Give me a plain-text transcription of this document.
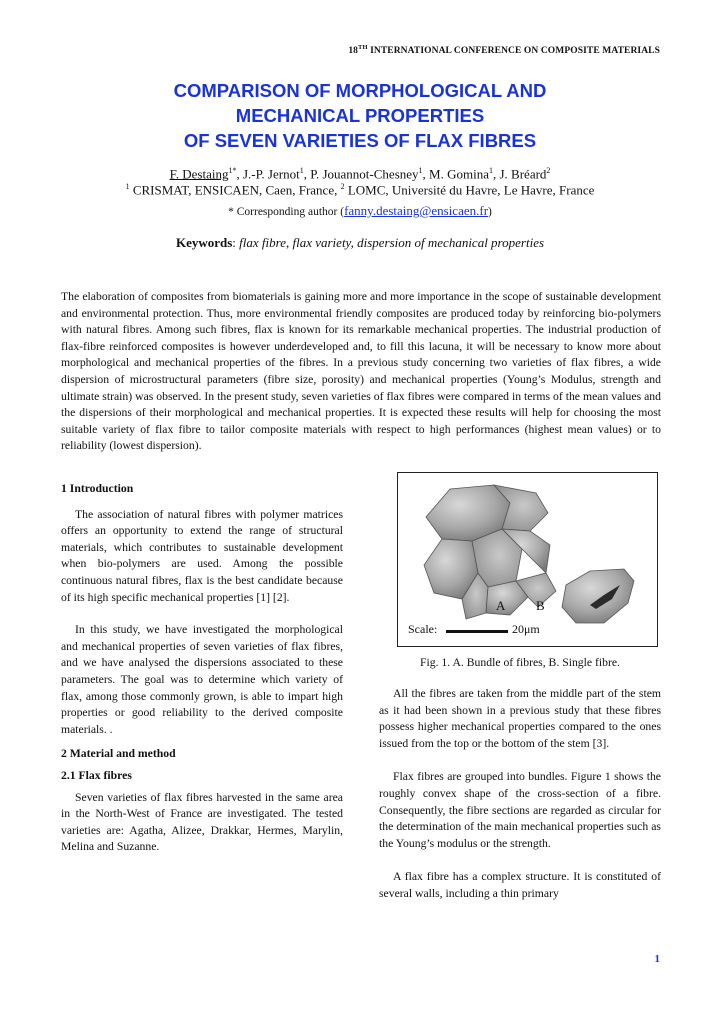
18TH INTERNATIONAL CONFERENCE ON COMPOSITE MATERIALS
COMPARISON OF MORPHOLOGICAL AND
MECHANICAL PROPERTIES
OF SEVEN VARIETIES OF FLAX FIBRES
F. Destaing$^{1*}$, J.-P. Jernot$^1$, P. Jouannot-Chesney$^1$, M. Gomina$^1$, J. Bréard$^2$
$^1$ CRISMAT, ENSICAEN, Caen, France, $^2$ LOMC, Université du Havre, Le Havre, France
* Corresponding author (fanny.destaing@ensicaen.fr)
Keywords: flax fibre, flax variety, dispersion of mechanical properties
The elaboration of composites from biomaterials is gaining more and more importance in the scope of sustainable development and environmental protection. Thus, more environmental friendly composites are produced today by reinforcing bio-polymers with natural fibres. Among such fibres, flax is known for its remarkable mechanical properties. The industrial production of flax-fibre reinforced composites is however underdeveloped and, to fill this lacuna, it will be necessary to know more about morphological and mechanical properties of the fibres. In a previous study concerning two varieties of flax fibres, a wide dispersion of microstructural parameters (fibre size, porosity) and mechanical properties (Young’s Modulus, strength and ultimate strain) was observed. In the present study, seven varieties of flax fibres were compared in terms of the mean values and the dispersions of their morphological and mechanical properties. It is expected these results will help for choosing the most suitable variety of flax fibre to tailor composite materials with respect to high performances (highest mean values) or to reliability (lowest dispersion).

1 Introduction

The association of natural fibres with polymer matrices offers an opportunity to extend the range of structural materials, which contributes to sustainable development when bio-polymers are used. Among the possible continuous natural fibres, flax is the best candidate because of its high specific mechanical properties [1] [2].

In this study, we have investigated the morphological and mechanical properties of seven varieties of flax fibres, and we have analysed the dispersions associated to these parameters. The goal was to determine which variety of flax, among those commonly grown, is able to impart high properties or good reliability to the derived composite materials. .

2 Material and method

2.1 Flax fibres

Seven varieties of flax fibres harvested in the same area in the North-West of France are investigated. The tested varieties are: Agatha, Alizee, Drakkar, Hermes, Marylin, Melina and Suzanne.

A B
Scale:	20μm
Fig. 1. A. Bundle of fibres, B. Single fibre.

All the fibres are taken from the middle part of the stem as it had been shown in a previous study that these fibres possess higher mechanical properties compared to the ones issued from the top or the bottom of the stem [3].

Flax fibres are grouped into bundles. Figure 1 shows the roughly convex shape of the cross-section of a fibre. Consequently, the fibre sections are regarded as circular for the determination of the main mechanical properties such as the Young’s modulus or the strength.

A flax fibre has a complex structure. It is constituted of several walls, including a thin primary

1
